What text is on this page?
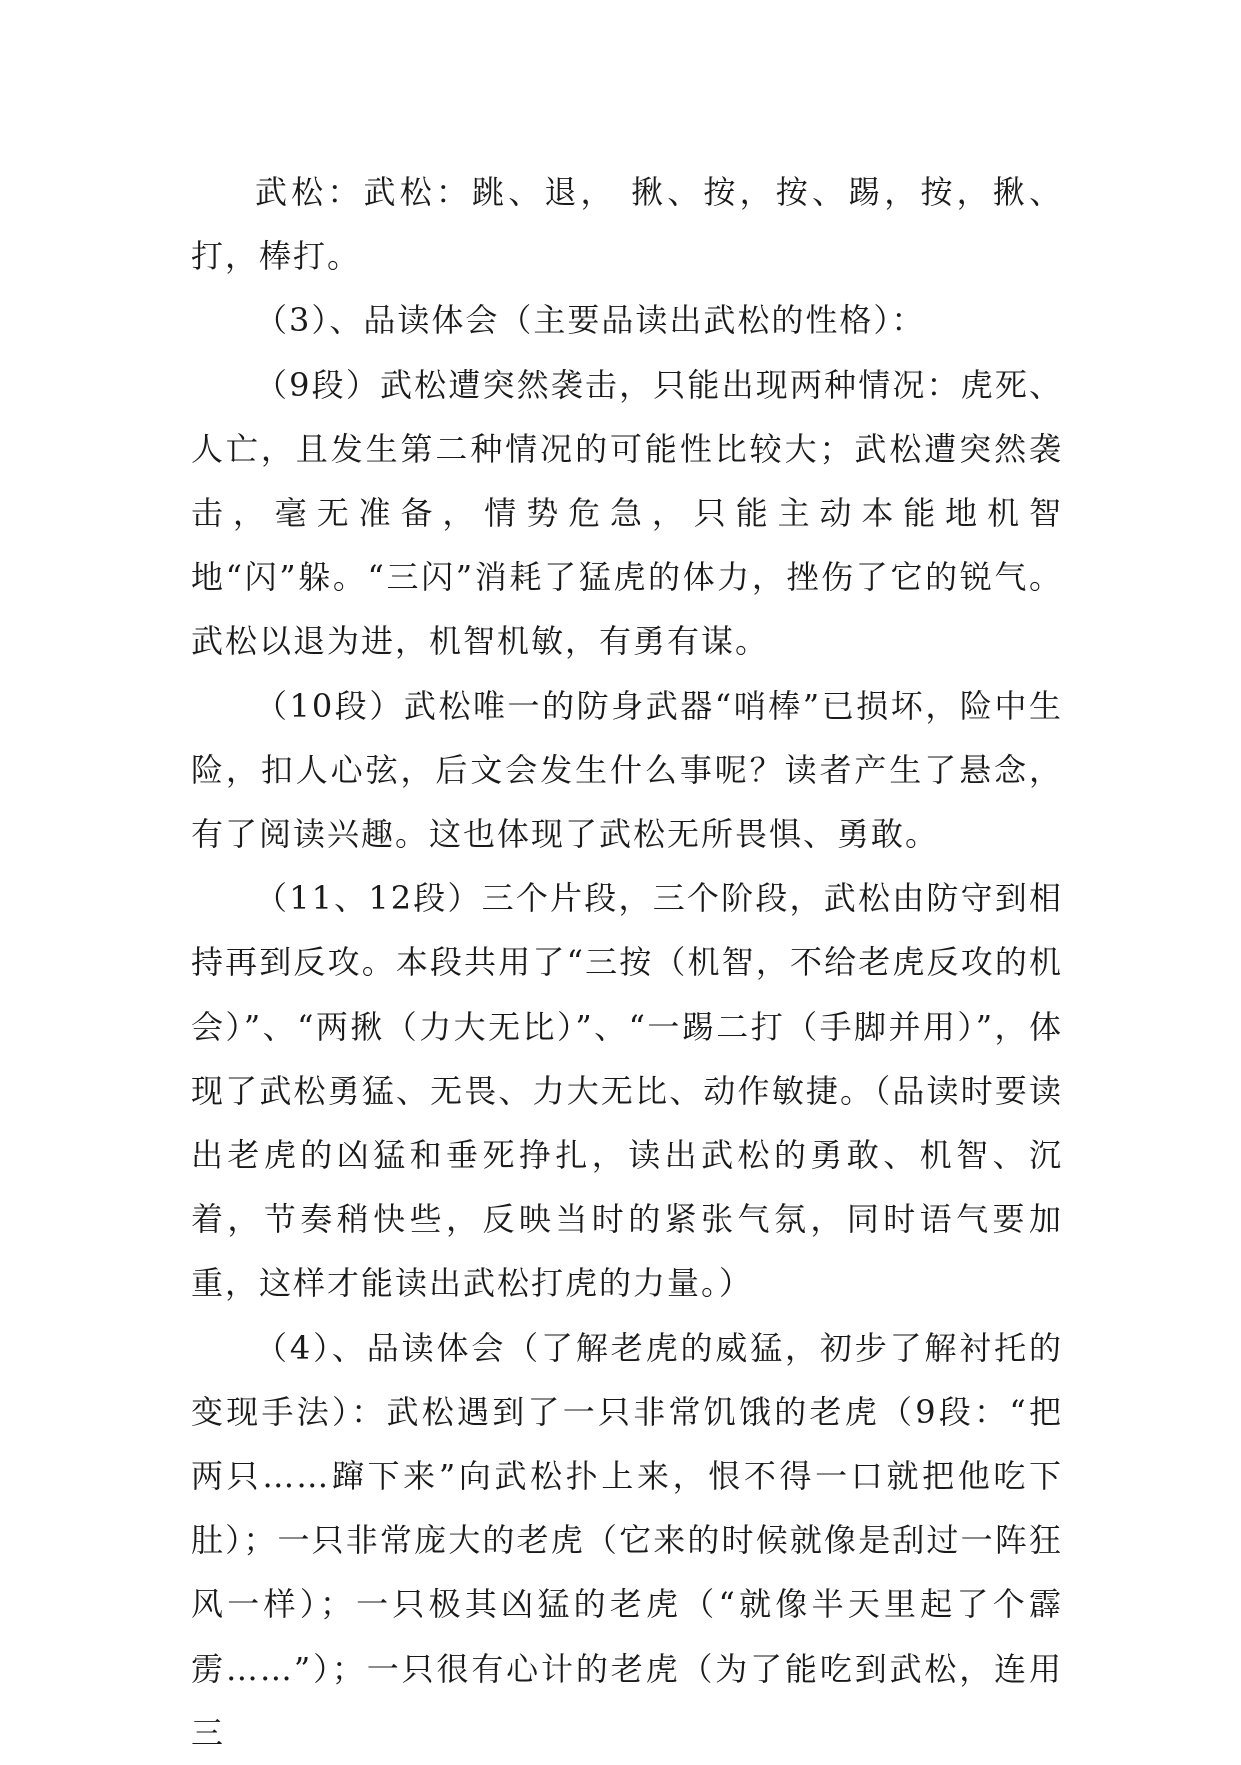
武松：武松：跳、退， 揪、按，按、踢，按，揪、打，棒打。

（3）、品读体会（主要品读出武松的性格）：

（9段）武松遭突然袭击，只能出现两种情况：虎死、人亡，且发生第二种情况的可能性比较大；武松遭突然袭击，毫无准备，情势危急，只能主动本能地机智地“闪”躲。“三闪”消耗了猛虎的体力，挫伤了它的锐气。武松以退为进，机智机敏，有勇有谋。

（10段）武松唯一的防身武器“哨棒”已损坏，险中生险，扣人心弦，后文会发生什么事呢？读者产生了悬念，有了阅读兴趣。这也体现了武松无所畏惧、勇敢。

（11、12段）三个片段，三个阶段，武松由防守到相持再到反攻。本段共用了“三按（机智，不给老虎反攻的机会）”、“两揪（力大无比）”、“一踢二打（手脚并用）”，体现了武松勇猛、无畏、力大无比、动作敏捷。（品读时要读出老虎的凶猛和垂死挣扎，读出武松的勇敢、机智、沉着，节奏稍快些，反映当时的紧张气氛，同时语气要加重，这样才能读出武松打虎的力量。）

（4）、品读体会（了解老虎的威猛，初步了解衬托的变现手法）：武松遇到了一只非常饥饿的老虎（9段：“把两只……蹿下来”向武松扑上来，恨不得一口就把他吃下肚）；一只非常庞大的老虎（它来的时候就像是刮过一阵狂风一样）；一只极其凶猛的老虎（“就像半天里起了个霹雳……”）；一只很有心计的老虎（为了能吃到武松，连用三
